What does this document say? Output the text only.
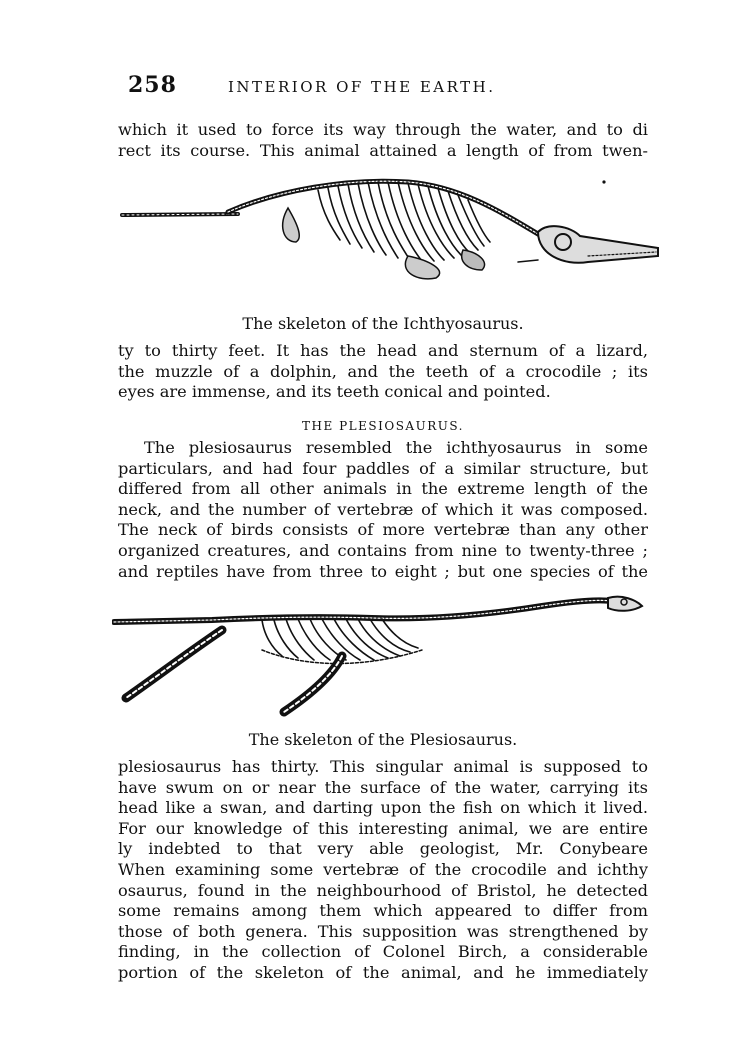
258	INTERIOR OF THE EARTH.
which it used to force its way through the water, and to di
rect its course. This animal attained a length of from twen-
The skeleton of the Ichthyosaurus.
ty to thirty feet. It has the head and sternum of a lizard,
the muzzle of a dolphin, and the teeth of a crocodile ; its
eyes are immense, and its teeth conical and pointed.
THE PLESIOSAURUS.
The plesiosaurus resembled the ichthyosaurus in some
particulars, and had four paddles of a similar structure, but
differed from all other animals in the extreme length of the
neck, and the number of vertebræ of which it was composed.
The neck of birds consists of more vertebræ than any other
organized creatures, and contains from nine to twenty-three ;
and reptiles have from three to eight ; but one species of the
The skeleton of the Plesiosaurus.
plesiosaurus has thirty. This singular animal is supposed to
have swum on or near the surface of the water, carrying its
head like a swan, and darting upon the fish on which it lived.
For our knowledge of this interesting animal, we are entire
ly indebted to that very able geologist, Mr. Conybeare
When examining some vertebræ of the crocodile and ichthy
osaurus, found in the neighbourhood of Bristol, he detected
some remains among them which appeared to differ from
those of both genera. This supposition was strengthened by
finding, in the collection of Colonel Birch, a considerable
portion of the skeleton of the animal, and he immediately
